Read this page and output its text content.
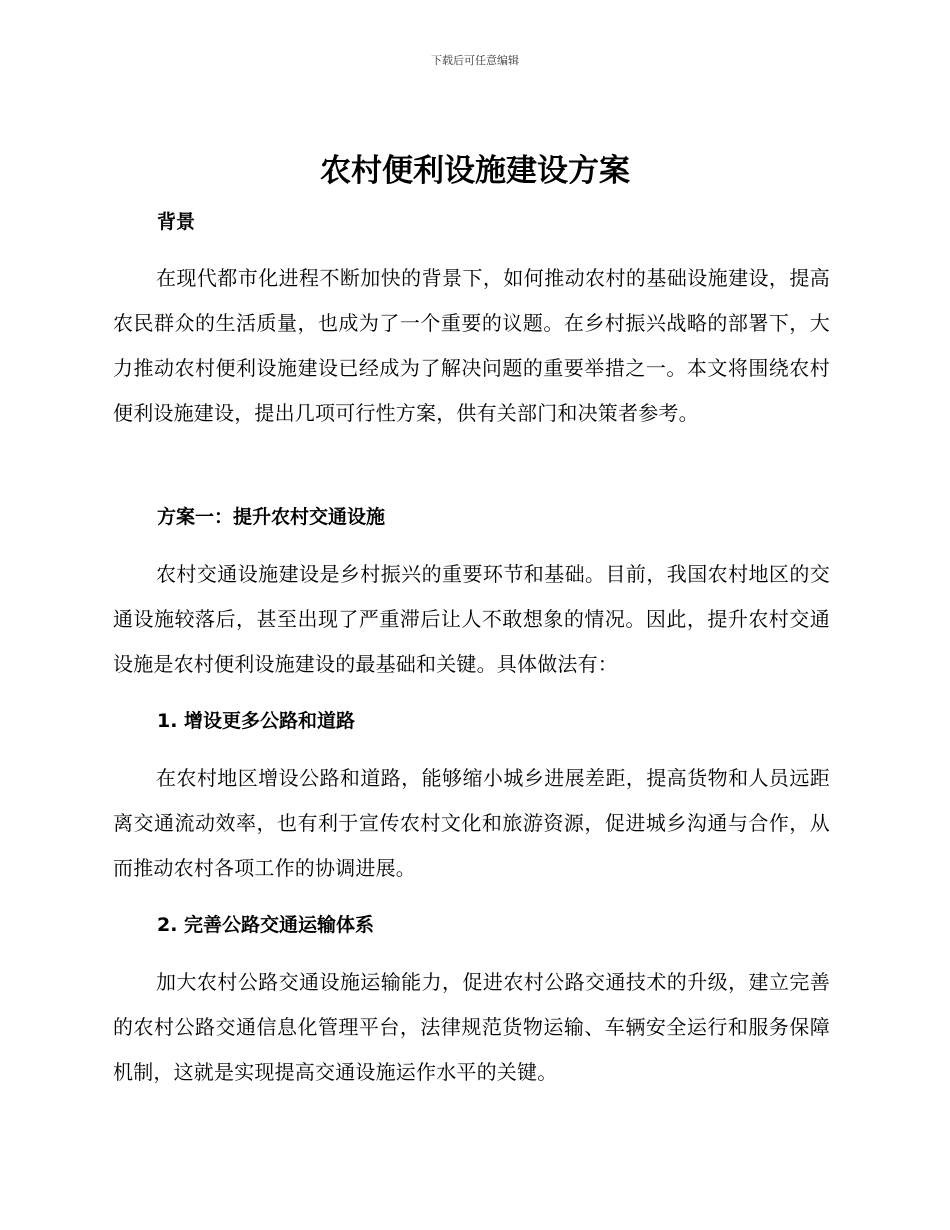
下载后可任意编辑
农村便利设施建设方案
背景

在现代都市化进程不断加快的背景下，如何推动农村的基础设施建设，提高农民群众的生活质量，也成为了一个重要的议题。在乡村振兴战略的部署下，大力推动农村便利设施建设已经成为了解决问题的重要举措之一。本文将围绕农村便利设施建设，提出几项可行性方案，供有关部门和决策者参考。

方案一：提升农村交通设施

农村交通设施建设是乡村振兴的重要环节和基础。目前，我国农村地区的交通设施较落后，甚至出现了严重滞后让人不敢想象的情况。因此，提升农村交通设施是农村便利设施建设的最基础和关键。具体做法有：

1. 增设更多公路和道路

在农村地区增设公路和道路，能够缩小城乡进展差距，提高货物和人员远距离交通流动效率，也有利于宣传农村文化和旅游资源，促进城乡沟通与合作，从而推动农村各项工作的协调进展。

2. 完善公路交通运输体系

加大农村公路交通设施运输能力，促进农村公路交通技术的升级，建立完善的农村公路交通信息化管理平台，法律规范货物运输、车辆安全运行和服务保障机制，这就是实现提高交通设施运作水平的关键。
